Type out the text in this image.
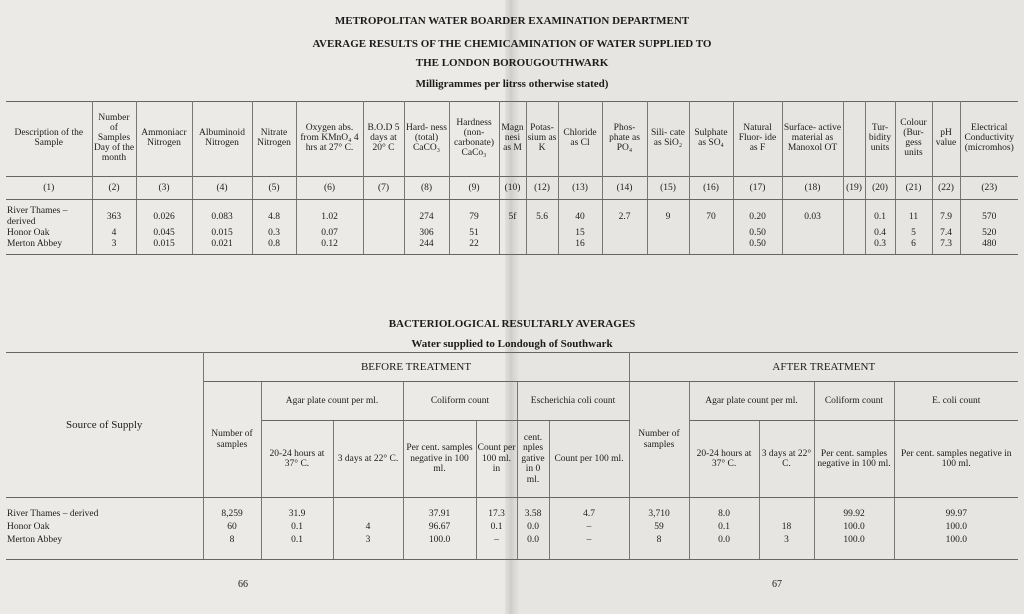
METROPOLITAN WATER BOARDER EXAMINATION DEPARTMENT
AVERAGE RESULTS OF THE CHEMICAMINATION OF WATER SUPPLIED TO
THE LONDON BOROUGOUTHWARK
Milligrammes per litrss otherwise stated)
Description of the Sample	Number of Samples Day of the month	Ammoniacr Nitrogen	Albuminoid Nitrogen	Nitrate Nitrogen	Oxygen abs. from KMnO₄ 4 hrs at 27° C.	B.O.D 5 days at 20° C	Hard- ness (total) CaCO₃	Hardness (non- carbonate) CaCo₃	Magn nesi as M	Potas- sium as K	Chloride as Cl	Phos- phate as PO₄	Sili- cate as SiO₂	Sulphate as SO₄	Natural Fluor- ide as F	Surface- active material as Manoxol OT		Tur- bidity units	Colour (Bur- gess units	pH value	Electrical Conductivity (micromhos)
(1)	(2)	(3)	(4)	(5)	(6)	(7)	(8)	(9)	(10)	(12)	(13)	(14)	(15)	(16)	(17)	(18)	(19)	(20)	(21)	(22)	(23)
River Thames – derived	363	0.026	0.083	4.8	1.02		274	79	5f	5.6	40	2.7	9	70	0.20	0.03		0.1	11	7.9	570
Honor Oak	4	0.045	0.015	0.3	0.07		306	51			15				0.50			0.4	5	7.4	520
Merton Abbey	3	0.015	0.021	0.8	0.12		244	22			16				0.50			0.3	6	7.3	480
BACTERIOLOGICAL RESULTARLY AVERAGES
Water supplied to Londough of Southwark
Source of Supply	BEFORE TREATMENT							AFTER TREATMENT				
	Number of samples	Agar plate count per ml.		Coliform count		Escherichia coli count		Number of samples	Agar plate count per ml.		Coliform count	E. coli count
		20-24 hours at 37° C.	3 days at 22° C.	Per cent. samples negative in 100 ml.	Count per 100 ml. in	cent. nples gative in 0 ml.	Count per 100 ml.		20-24 hours at 37° C.	3 days at 22° C.	Per cent. samples negative in 100 ml.	Per cent. samples negative in 100 ml.
River Thames – derived	8,259	31.9		37.91	17.3	3.58	4.7	3,710	8.0		99.92	99.97
Honor Oak	60	0.1	4	96.67	0.1	0.0	–	59	0.1	18	100.0	100.0
Merton Abbey	8	0.1	3	100.0	–	0.0	–	8	0.0	3	100.0	100.0
66	67
